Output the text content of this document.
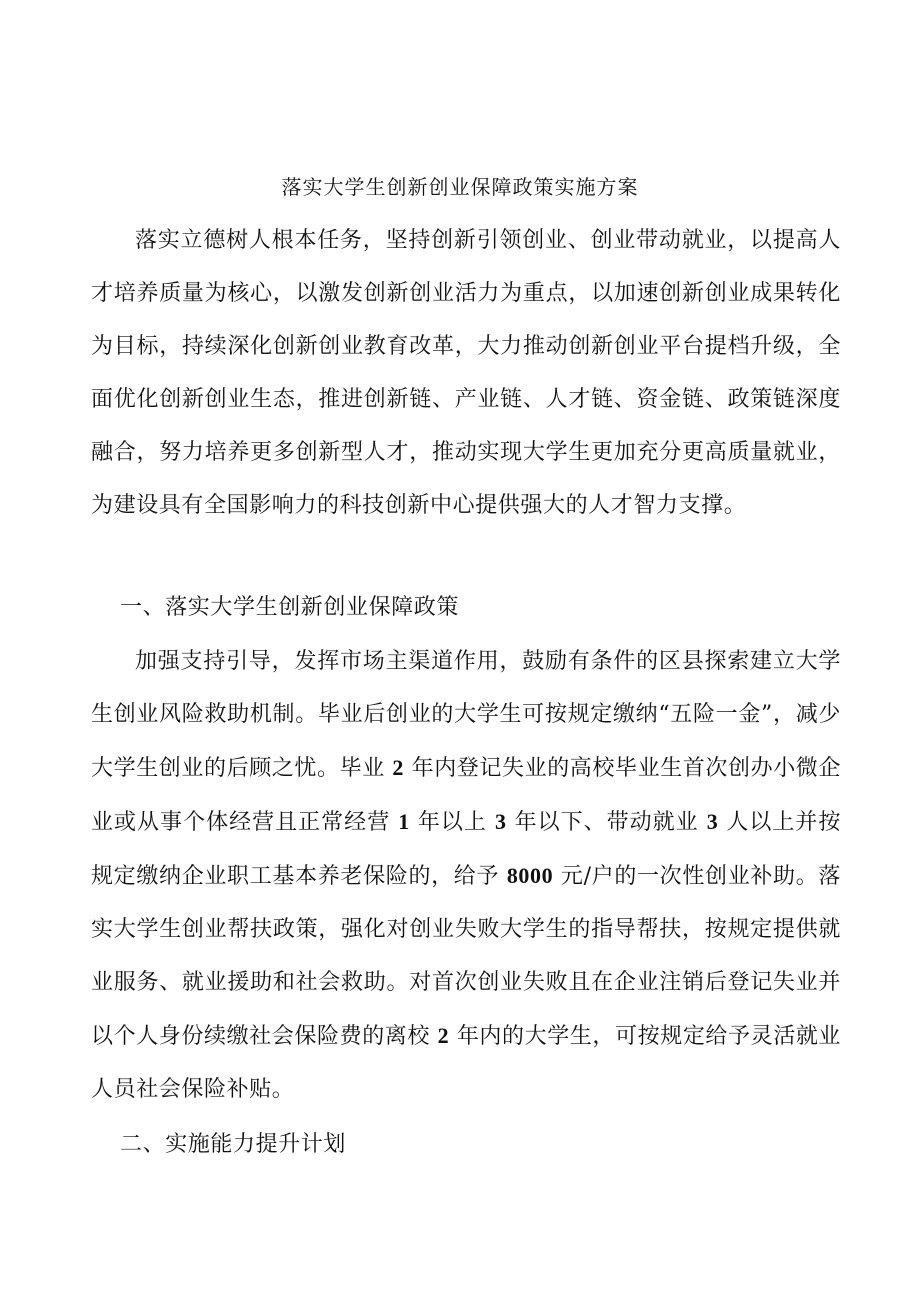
落实大学生创新创业保障政策实施方案

落实立德树人根本任务，坚持创新引领创业、创业带动就业，以提高人才培养质量为核心，以激发创新创业活力为重点，以加速创新创业成果转化为目标，持续深化创新创业教育改革，大力推动创新创业平台提档升级，全面优化创新创业生态，推进创新链、产业链、人才链、资金链、政策链深度融合，努力培养更多创新型人才，推动实现大学生更加充分更高质量就业，为建设具有全国影响力的科技创新中心提供强大的人才智力支撑。

一、落实大学生创新创业保障政策

加强支持引导，发挥市场主渠道作用，鼓励有条件的区县探索建立大学生创业风险救助机制。毕业后创业的大学生可按规定缴纳“五险一金”，减少大学生创业的后顾之忧。毕业 2 年内登记失业的高校毕业生首次创办小微企业或从事个体经营且正常经营 1 年以上 3 年以下、带动就业 3 人以上并按规定缴纳企业职工基本养老保险的，给予 8000 元/户的一次性创业补助。落实大学生创业帮扶政策，强化对创业失败大学生的指导帮扶，按规定提供就业服务、就业援助和社会救助。对首次创业失败且在企业注销后登记失业并以个人身份续缴社会保险费的离校 2 年内的大学生，可按规定给予灵活就业人员社会保险补贴。

二、实施能力提升计划
